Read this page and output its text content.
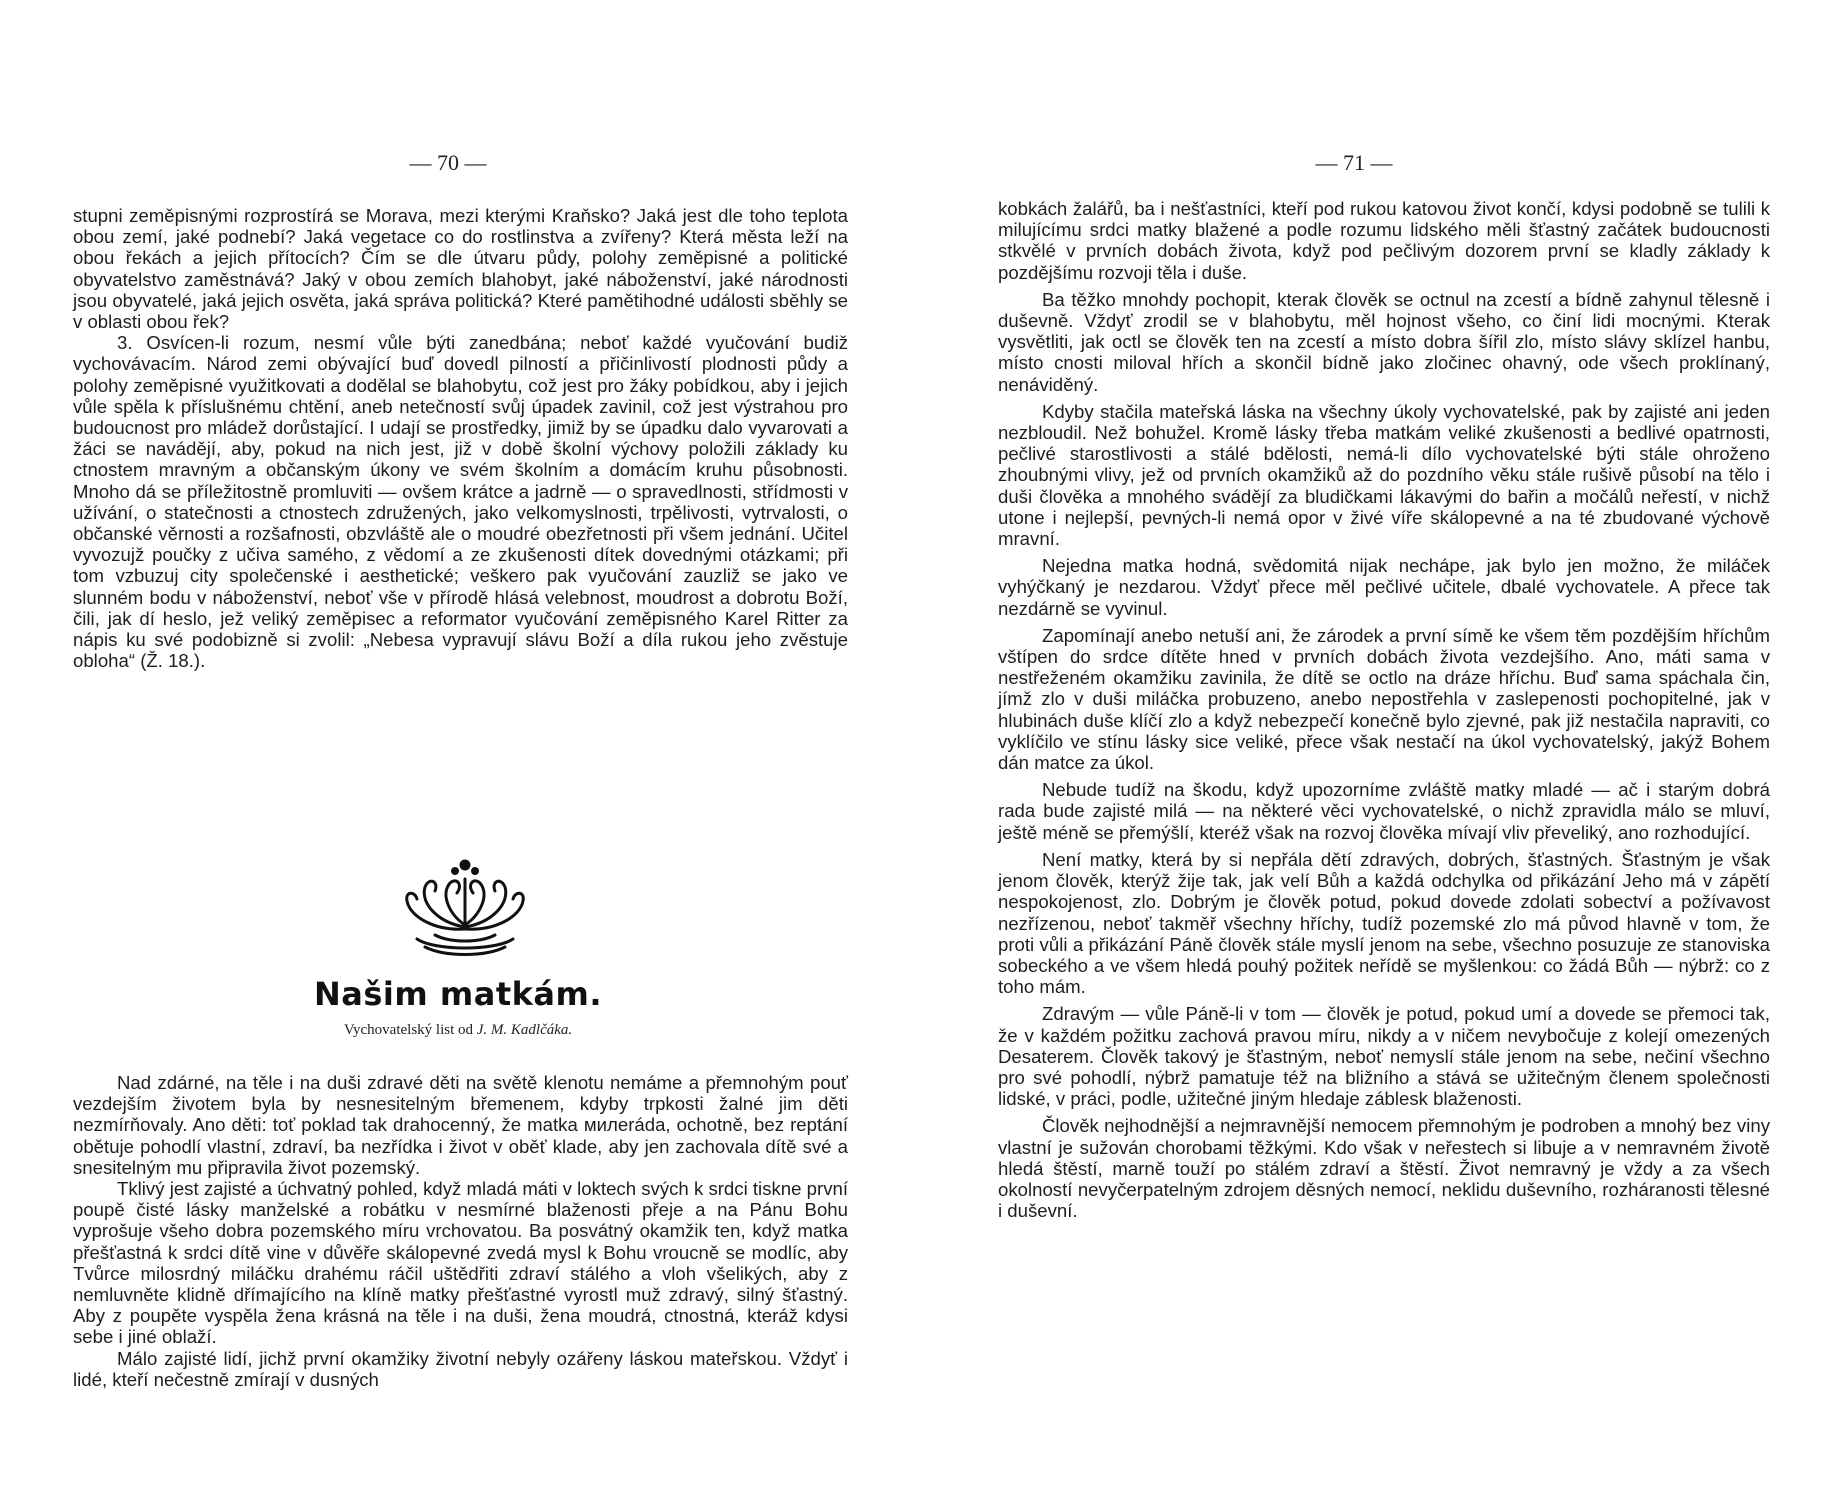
— 70 —

stupni zeměpisnými rozprostírá se Morava, mezi kterými Kraňsko? Jaká jest dle toho teplota obou zemí, jaké podnebí? Jaká vegetace co do rostlinstva a zvířeny? Která města leží na obou řekách a jejich přítocích? Čím se dle útvaru půdy, polohy zeměpisné a politické obyvatelstvo zaměstnává? Jaký v obou zemích blahobyt, jaké náboženství, jaké národnosti jsou obyvatelé, jaká jejich osvěta, jaká správa politická? Které pamětihodné události sběhly se v oblasti obou řek?

3. Osvícen-li rozum, nesmí vůle býti zanedbána; neboť každé vyučování budiž vychovávacím. Národ zemi obývající buď dovedl pilností a přičinlivostí plodnosti půdy a polohy zeměpisné využitkovati a dodělal se blahobytu, což jest pro žáky pobídkou, aby i jejich vůle spěla k příslušnému chtění, aneb netečností svůj úpadek zavinil, což jest výstrahou pro budoucnost pro mládež dorůstající. I udají se prostředky, jimiž by se úpadku dalo vyvarovati a žáci se navádějí, aby, pokud na nich jest, již v době školní výchovy položili základy ku ctnostem mravným a občanským úkony ve svém školním a domácím kruhu působnosti. Mnoho dá se příležitostně promluviti — ovšem krátce a jadrně — o spravedlnosti, střídmosti v užívání, o statečnosti a ctnostech združených, jako velkomyslnosti, trpělivosti, vytrvalosti, o občanské věrnosti a rozšafnosti, obzvláště ale o moudré obezřetnosti při všem jednání. Učitel vyvozujž poučky z učiva samého, z vědomí a ze zkušenosti dítek dovednými otázkami; při tom vzbuzuj city společenské i aesthetické; veškero pak vyučování zauzliž se jako ve slunném bodu v náboženství, neboť vše v přírodě hlásá velebnost, moudrost a dobrotu Boží, čili, jak dí heslo, jež veliký zeměpisec a reformator vyučování zeměpisného Karel Ritter za nápis ku své podobizně si zvolil: „Nebesa vypravují slávu Boží a díla rukou jeho zvěstuje obloha“ (Ž. 18.).

Našim matkám.
Vychovatelský list od J. M. Kadlčáka.

Nad zdárné, na těle i na duši zdravé děti na světě klenotu nemáme a přemnohým pouť vezdejším životem byla by nesnesitelným břemenem, kdyby trpkosti žalné jim děti nezmírňovaly. Ano děti: toť poklad tak drahocenný, že matka милerádа, ochotně, bez reptání obětuje pohodlí vlastní, zdraví, ba nezřídka i život v oběť klade, aby jen zachovala dítě své a snesitelným mu připravila život pozemský.

Tklivý jest zajisté a úchvatný pohled, když mladá máti v loktech svých k srdci tiskne první poupě čisté lásky manželské a robátku v nesmírné blaženosti přeje a na Pánu Bohu vyprošuje všeho dobra pozemského míru vrchovatou. Ba posvátný okamžik ten, když matka přešťastná k srdci dítě vine v důvěře skálopevné zvedá mysl k Bohu vroucně se modlíc, aby Tvůrce milosrdný miláčku drahému ráčil uštědřiti zdraví stálého a vloh všelikých, aby z nemluvněte klidně dřímajícího na klíně matky přešťastné vyrostl muž zdravý, silný šťastný. Aby z poupěte vyspěla žena krásná na těle i na duši, žena moudrá, ctnostná, kteráž kdysi sebe i jiné oblaží.

Málo zajisté lidí, jichž první okamžiky životní nebyly ozářeny láskou mateřskou. Vždyť i lidé, kteří nečestně zmírají v dusných

— 71 —

kobkách žalářů, ba i nešťastníci, kteří pod rukou katovou život končí, kdysi podobně se tulili k milujícímu srdci matky blažené a podle rozumu lidského měli šťastný začátek budoucnosti stkvělé v prvních dobách života, když pod pečlivým dozorem první se kladly základy k pozdějšímu rozvoji těla i duše.

Ba těžko mnohdy pochopit, kterak člověk se octnul na zcestí a bídně zahynul tělesně i duševně. Vždyť zrodil se v blahobytu, měl hojnost všeho, co činí lidi mocnými. Kterak vysvětliti, jak octl se člověk ten na zcestí a místo dobra šířil zlo, místo slávy sklízel hanbu, místo cnosti miloval hřích a skončil bídně jako zločinec ohavný, ode všech proklínaný, nenáviděný.

Kdyby stačila mateřská láska na všechny úkoly vychovatelské, pak by zajisté ani jeden nezbloudil. Než bohužel. Kromě lásky třeba matkám veliké zkušenosti a bedlivé opatrnosti, pečlivé starostlivosti a stálé bdělosti, nemá-li dílo vychovatelské býti stále ohroženo zhoubnými vlivy, jež od prvních okamžiků až do pozdního věku stále rušivě působí na tělo i duši člověka a mnohého svádějí za bludičkami lákavými do bařin a močálů neřestí, v nichž utone i nejlepší, pevných-li nemá opor v živé víře skálopevné a na té zbudované výchově mravní.

Nejedna matka hodná, svědomitá nijak nechápe, jak bylo jen možno, že miláček vyhýčkaný je nezdarou. Vždyť přece měl pečlivé učitele, dbalé vychovatele. A přece tak nezdárně se vyvinul.

Zapomínají anebo netuší ani, že zárodek a první símě ke všem těm pozdějším hříchům vštípen do srdce dítěte hned v prvních dobách života vezdejšího. Ano, máti sama v nestřeženém okamžiku zavinila, že dítě se octlo na dráze hříchu. Buď sama spáchala čin, jímž zlo v duši miláčka probuzeno, anebo nepostřehla v zaslepenosti pochopitelné, jak v hlubinách duše klíčí zlo a když nebezpečí konečně bylo zjevné, pak již nestačila napraviti, co vyklíčilo ve stínu lásky sice veliké, přece však nestačí na úkol vychovatelský, jakýž Bohem dán matce za úkol.

Nebude tudíž na škodu, když upozorníme zvláště matky mladé — ač i starým dobrá rada bude zajisté milá — na některé věci vychovatelské, o nichž zpravidla málo se mluví, ještě méně se přemýšlí, kteréž však na rozvoj člověka mívají vliv převeliký, ano rozhodující.

Není matky, která by si nepřála dětí zdravých, dobrých, šťastných. Šťastným je však jenom člověk, kterýž žije tak, jak velí Bůh a každá odchylka od přikázání Jeho má v zápětí nespokojenost, zlo. Dobrým je člověk potud, pokud dovede zdolati sobectví a požívavost nezřízenou, neboť takměř všechny hříchy, tudíž pozemské zlo má původ hlavně v tom, že proti vůli a přikázání Páně člověk stále myslí jenom na sebe, všechno posuzuje ze stanoviska sobeckého a ve všem hledá pouhý požitek neřídě se myšlenkou: co žádá Bůh — nýbrž: co z toho mám.

Zdravým — vůle Páně-li v tom — člověk je potud, pokud umí a dovede se přemoci tak, že v každém požitku zachová pravou míru, nikdy a v ničem nevybočuje z kolejí omezených Desaterem. Člověk takový je šťastným, neboť nemyslí stále jenom na sebe, nečiní všechno pro své pohodlí, nýbrž pamatuje též na bližního a stává se užitečným členem společnosti lidské, v práci, podle, užitečné jiným hledaje záblesk blaženosti.

Člověk nejhodnější a nejmravnější nemocem přemnohým je podroben a mnohý bez viny vlastní je sužován chorobami těžkými. Kdo však v neřestech si libuje a v nemravném životě hledá štěstí, marně touží po stálém zdraví a štěstí. Život nemravný je vždy a za všech okolností nevyčerpatelným zdrojem děsných nemocí, neklidu duševního, rozháranosti tělesné i duševní.
